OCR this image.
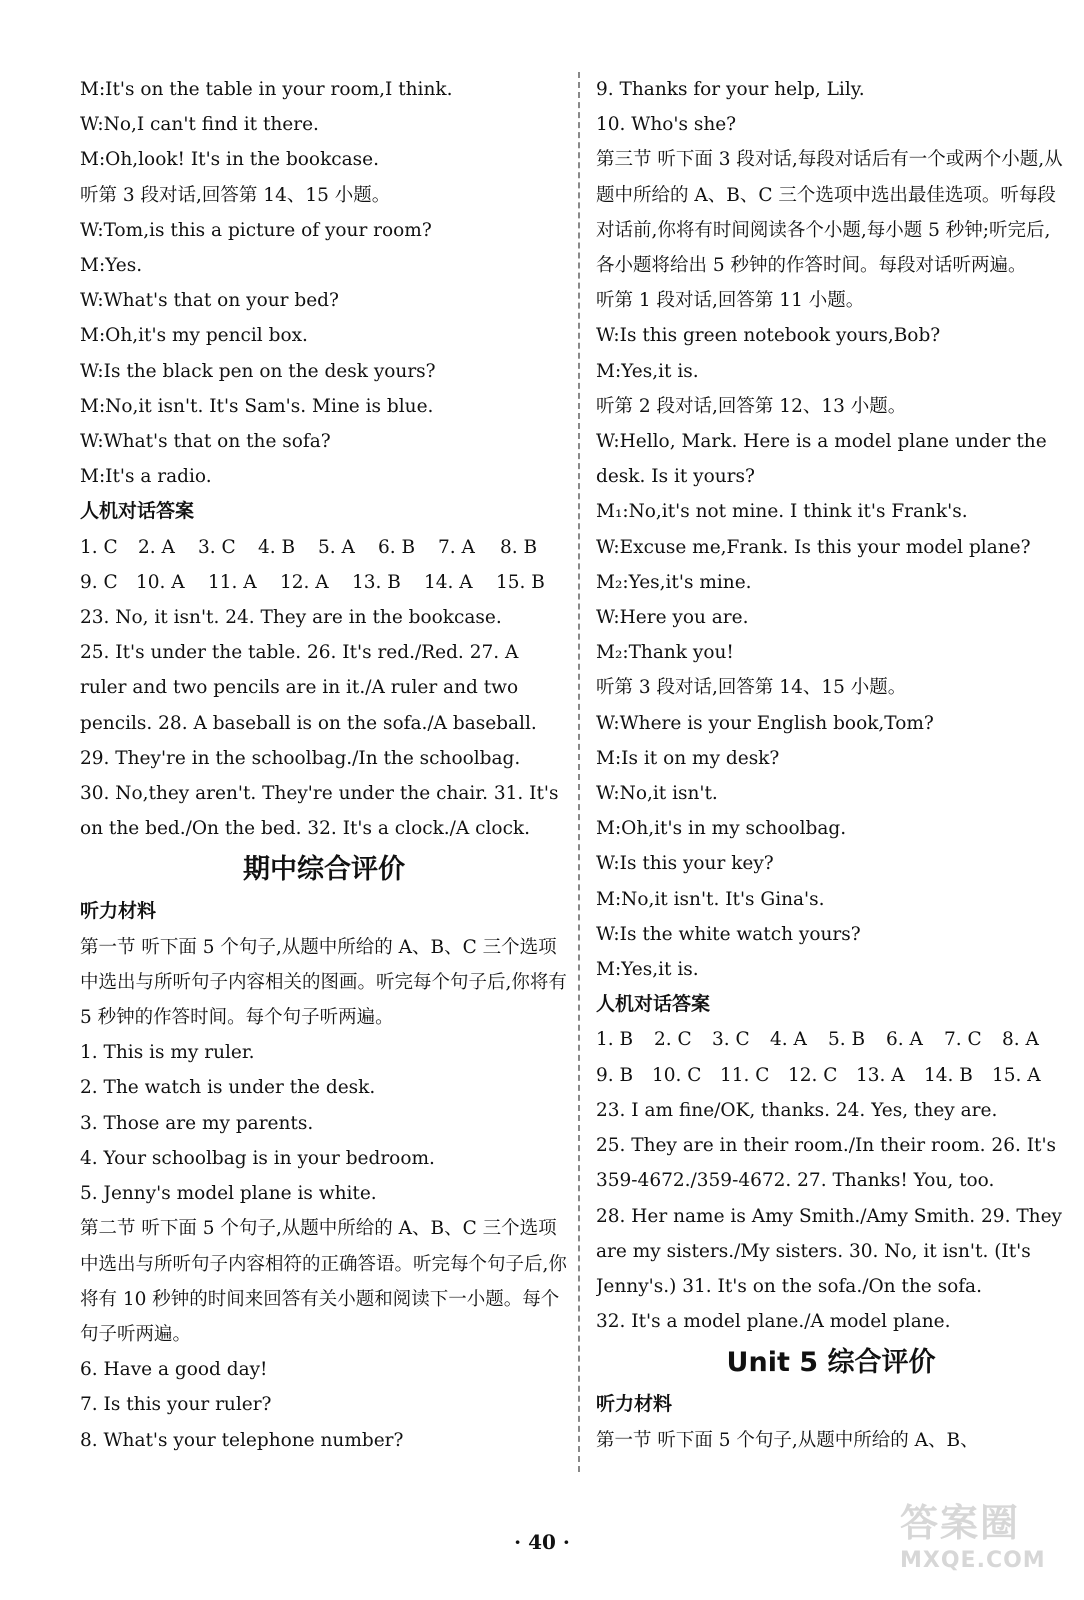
M:It's on the table in your room,I think.

W:No,I can't find it there.

M:Oh,look! It's in the bookcase.

听第 3 段对话,回答第 14、15 小题。

W:Tom,is this a picture of your room?

M:Yes.

W:What's that on your bed?

M:Oh,it's my pencil box.

W:Is the black pen on the desk yours?

M:No,it isn't. It's Sam's. Mine is blue.

W:What's that on the sofa?

M:It's a radio.

人机对话答案

1. C 2. A 3. C 4. B 5. A 6. B 7. A 8. B

9. C 10. A 11. A 12. A 13. B 14. A 15. B

23. No, it isn't. 24. They are in the bookcase.

25. It's under the table. 26. It's red./Red. 27. A ruler and two pencils are in it./A ruler and two pencils. 28. A baseball is on the sofa./A baseball.

29. They're in the schoolbag./In the schoolbag.

30. No,they aren't. They're under the chair. 31. It's on the bed./On the bed. 32. It's a clock./A clock.

期中综合评价

听力材料

第一节 听下面 5 个句子,从题中所给的 A、B、C 三个选项中选出与所听句子内容相关的图画。听完每个句子后,你将有 5 秒钟的作答时间。每个句子听两遍。

1. This is my ruler.

2. The watch is under the desk.

3. Those are my parents.

4. Your schoolbag is in your bedroom.

5. Jenny's model plane is white.

第二节 听下面 5 个句子,从题中所给的 A、B、C 三个选项中选出与所听句子内容相符的正确答语。听完每个句子后,你将有 10 秒钟的时间来回答有关小题和阅读下一小题。每个句子听两遍。

6. Have a good day!

7. Is this your ruler?

8. What's your telephone number?

9. Thanks for your help, Lily.

10. Who's she?

第三节 听下面 3 段对话,每段对话后有一个或两个小题,从题中所给的 A、B、C 三个选项中选出最佳选项。听每段对话前,你将有时间阅读各个小题,每小题 5 秒钟;听完后,各小题将给出 5 秒钟的作答时间。每段对话听两遍。

听第 1 段对话,回答第 11 小题。

W:Is this green notebook yours,Bob?

M:Yes,it is.

听第 2 段对话,回答第 12、13 小题。

W:Hello, Mark. Here is a model plane under the desk. Is it yours?

M₁:No,it's not mine. I think it's Frank's.

W:Excuse me,Frank. Is this your model plane?

M₂:Yes,it's mine.

W:Here you are.

M₂:Thank you!

听第 3 段对话,回答第 14、15 小题。

W:Where is your English book,Tom?

M:Is it on my desk?

W:No,it isn't.

M:Oh,it's in my schoolbag.

W:Is this your key?

M:No,it isn't. It's Gina's.

W:Is the white watch yours?

M:Yes,it is.

人机对话答案

1. B 2. C 3. C 4. A 5. B 6. A 7. C 8. A

9. B 10. C 11. C 12. C 13. A 14. B 15. A

23. I am fine/OK, thanks. 24. Yes, they are.

25. They are in their room./In their room. 26. It's 359-4672./359-4672. 27. Thanks! You, too.

28. Her name is Amy Smith./Amy Smith. 29. They are my sisters./My sisters. 30. No, it isn't. (It's Jenny's.) 31. It's on the sofa./On the sofa.

32. It's a model plane./A model plane.

Unit 5 综合评价

听力材料

第一节 听下面 5 个句子,从题中所给的 A、B、

· 40 ·	答案圈
MXQE.COM
